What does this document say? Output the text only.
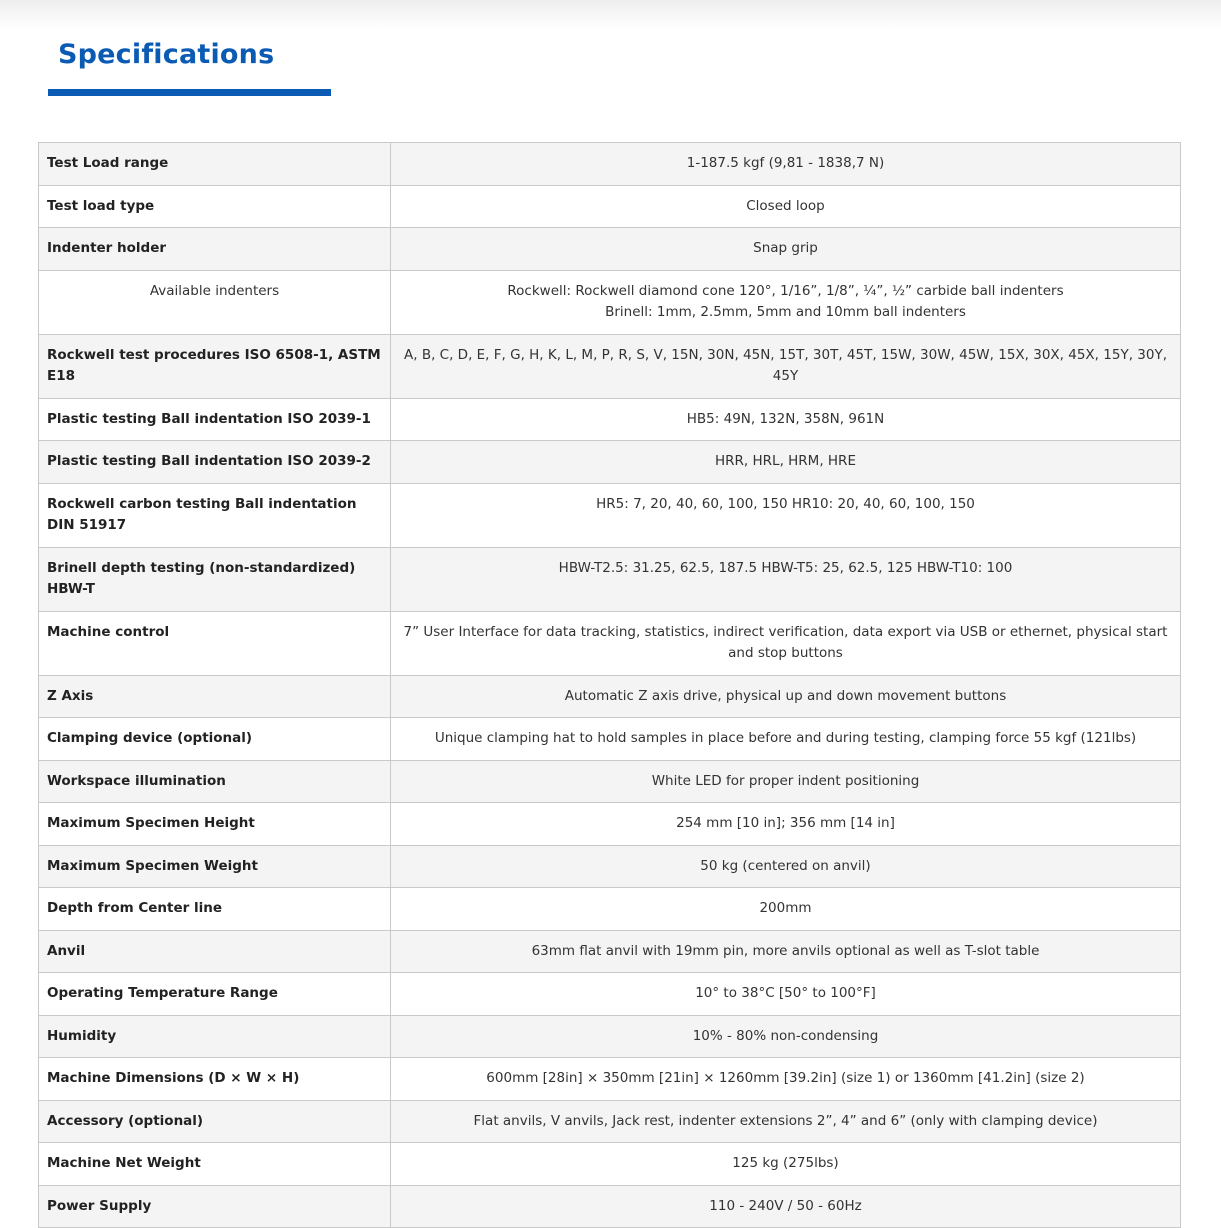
Specifications
Test Load range	1-187.5 kgf (9,81 - 1838,7 N)

Test load type	Closed loop

Indenter holder	Snap grip

Available indenters	Rockwell: Rockwell diamond cone 120°, 1/16”, 1/8”, ¼”, ½” carbide ball indenters
Brinell: 1mm, 2.5mm, 5mm and 10mm ball indenters

Rockwell test procedures ISO 6508-1, ASTM E18	A, B, C, D, E, F, G, H, K, L, M, P, R, S, V, 15N, 30N, 45N, 15T, 30T, 45T, 15W, 30W, 45W, 15X, 30X, 45X, 15Y, 30Y, 45Y

Plastic testing Ball indentation ISO 2039-1	HB5: 49N, 132N, 358N, 961N

Plastic testing Ball indentation ISO 2039-2	HRR, HRL, HRM, HRE

Rockwell carbon testing Ball indentation DIN 51917	HR5: 7, 20, 40, 60, 100, 150 HR10: 20, 40, 60, 100, 150

Brinell depth testing (non-standardized) HBW-T	HBW-T2.5: 31.25, 62.5, 187.5 HBW-T5: 25, 62.5, 125 HBW-T10: 100

Machine control	7” User Interface for data tracking, statistics, indirect verification, data export via USB or ethernet, physical start and stop buttons

Z Axis	Automatic Z axis drive, physical up and down movement buttons

Clamping device (optional)	Unique clamping hat to hold samples in place before and during testing, clamping force 55 kgf (121lbs)

Workspace illumination	White LED for proper indent positioning

Maximum Specimen Height	254 mm [10 in]; 356 mm [14 in]

Maximum Specimen Weight	50 kg (centered on anvil)

Depth from Center line	200mm

Anvil	63mm flat anvil with 19mm pin, more anvils optional as well as T-slot table

Operating Temperature Range	10° to 38°C [50° to 100°F]

Humidity	10% - 80% non-condensing

Machine Dimensions (D × W × H)	600mm [28in] × 350mm [21in] × 1260mm [39.2in] (size 1) or 1360mm [41.2in] (size 2)

Accessory (optional)	Flat anvils, V anvils, Jack rest, indenter extensions 2”, 4” and 6” (only with clamping device)

Machine Net Weight	125 kg (275lbs)

Power Supply	110 - 240V / 50 - 60Hz
